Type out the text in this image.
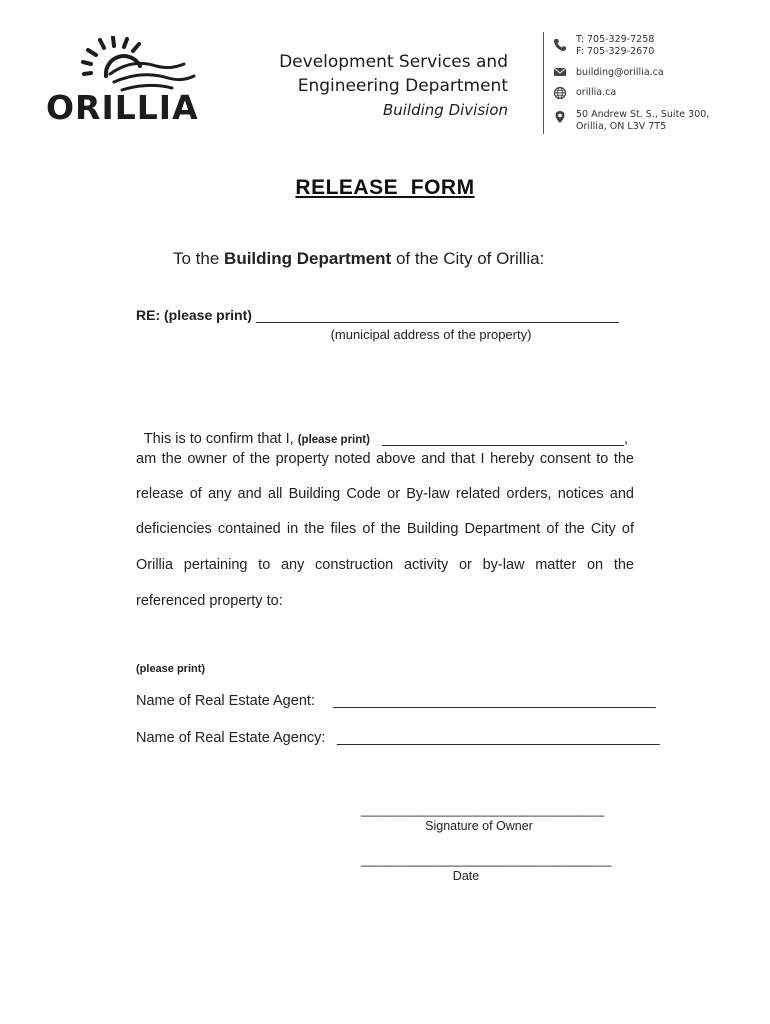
ORILLIA
Development Services and
Engineering Department
Building Division
T: 705-329-7258
F: 705-329-2670
building@orillia.ca
orillia.ca
50 Andrew St. S., Suite 300,
Orillia, ON L3V 7T5
RELEASE  FORM
To the Building Department of the City of Orillia:
RE: (please print) _____________________________________________
(municipal address of the property)

This is to confirm that I, (please print) ______________________________,

am the owner of the property noted above and that I hereby consent to the
release of any and all Building Code or By-law related orders, notices and
deficiencies contained in the files of the Building Department of the City of
Orillia pertaining to any construction activity or by-law matter on the
referenced property to:
(please print)
Name of Real Estate Agent: ________________________________________
Name of Real Estate Agency: ________________________________________
___________________________________
Signature of Owner
____________________________________
Date
